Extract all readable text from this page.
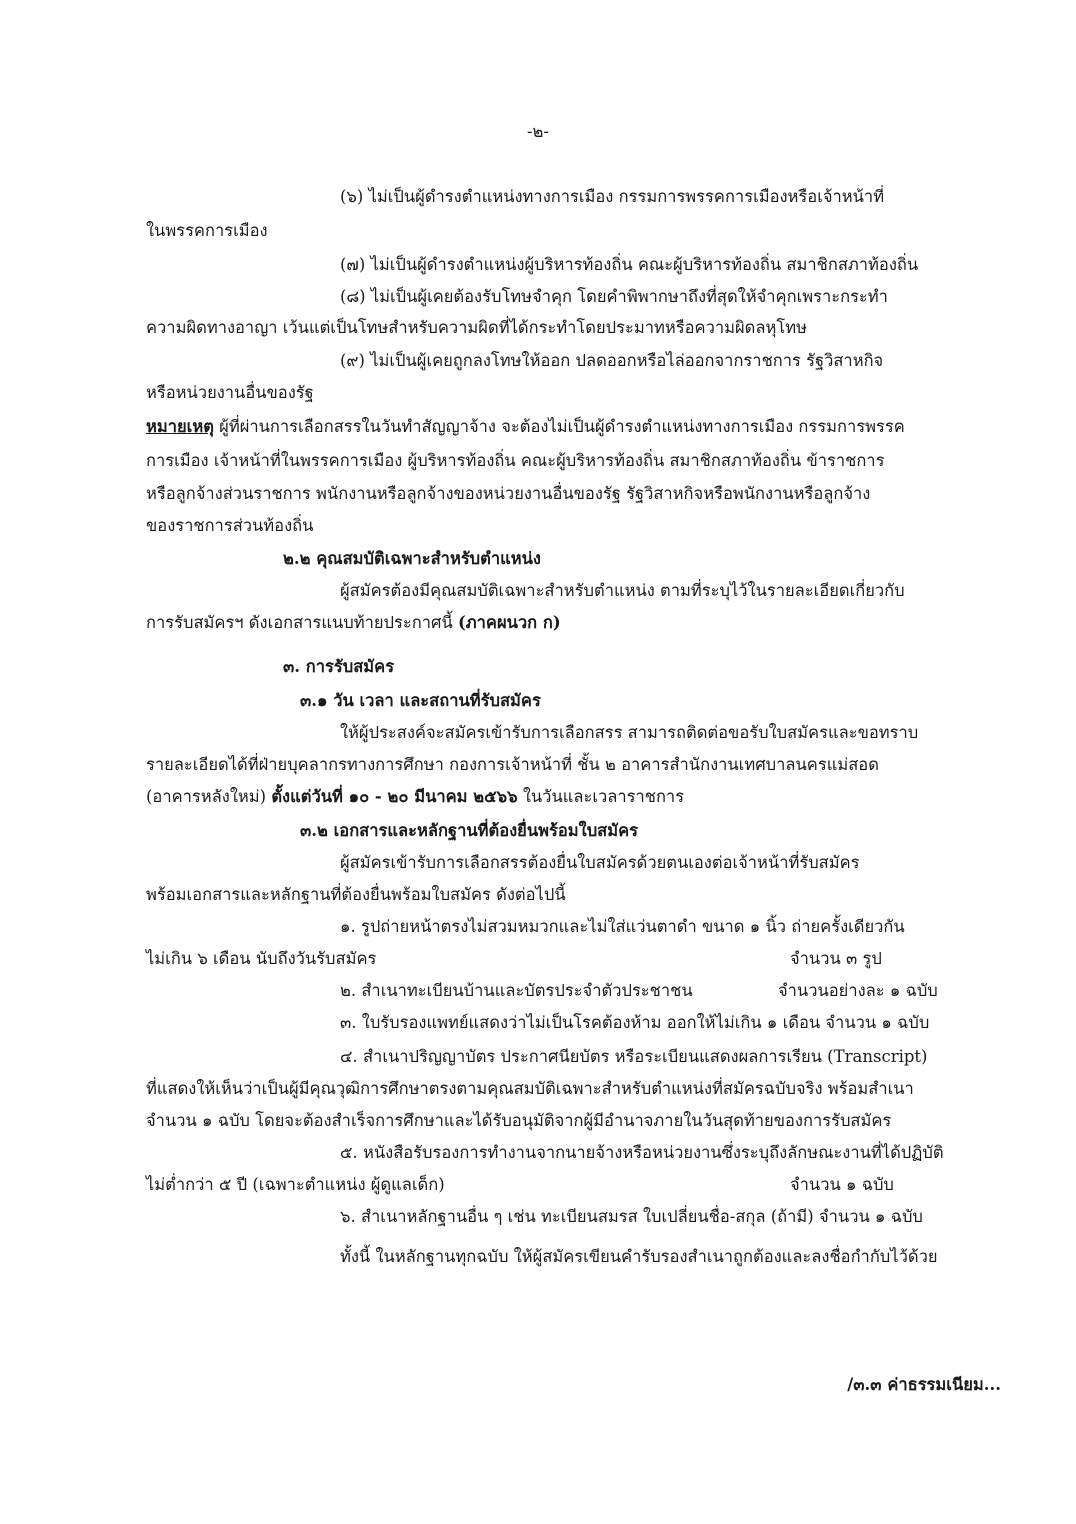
-๒-
(๖) ไม่เป็นผู้ดำรงตำแหน่งทางการเมือง กรรมการพรรคการเมืองหรือเจ้าหน้าที่
ในพรรคการเมือง
(๗) ไม่เป็นผู้ดำรงตำแหน่งผู้บริหารท้องถิ่น คณะผู้บริหารท้องถิ่น สมาชิกสภาท้องถิ่น
(๘) ไม่เป็นผู้เคยต้องรับโทษจำคุก โดยคำพิพากษาถึงที่สุดให้จำคุกเพราะกระทำ
ความผิดทางอาญา เว้นแต่เป็นโทษสำหรับความผิดที่ได้กระทำโดยประมาทหรือความผิดลหุโทษ
(๙) ไม่เป็นผู้เคยถูกลงโทษให้ออก ปลดออกหรือไล่ออกจากราชการ รัฐวิสาหกิจ
หรือหน่วยงานอื่นของรัฐ
หมายเหตุ ผู้ที่ผ่านการเลือกสรรในวันทำสัญญาจ้าง จะต้องไม่เป็นผู้ดำรงตำแหน่งทางการเมือง กรรมการพรรค
การเมือง เจ้าหน้าที่ในพรรคการเมือง ผู้บริหารท้องถิ่น คณะผู้บริหารท้องถิ่น สมาชิกสภาท้องถิ่น ข้าราชการ
หรือลูกจ้างส่วนราชการ พนักงานหรือลูกจ้างของหน่วยงานอื่นของรัฐ รัฐวิสาหกิจหรือพนักงานหรือลูกจ้าง
ของราชการส่วนท้องถิ่น
๒.๒ คุณสมบัติเฉพาะสำหรับตำแหน่ง
ผู้สมัครต้องมีคุณสมบัติเฉพาะสำหรับตำแหน่ง ตามที่ระบุไว้ในรายละเอียดเกี่ยวกับ
การรับสมัครฯ ดังเอกสารแนบท้ายประกาศนี้ (ภาคผนวก ก)
๓. การรับสมัคร
๓.๑ วัน เวลา และสถานที่รับสมัคร
ให้ผู้ประสงค์จะสมัครเข้ารับการเลือกสรร สามารถติดต่อขอรับใบสมัครและขอทราบ
รายละเอียดได้ที่ฝ่ายบุคลากรทางการศึกษา กองการเจ้าหน้าที่ ชั้น ๒ อาคารสำนักงานเทศบาลนครแม่สอด
(อาคารหลังใหม่) ตั้งแต่วันที่ ๑๐ - ๒๐ มีนาคม ๒๕๖๖ ในวันและเวลาราชการ
๓.๒ เอกสารและหลักฐานที่ต้องยื่นพร้อมใบสมัคร
ผู้สมัครเข้ารับการเลือกสรรต้องยื่นใบสมัครด้วยตนเองต่อเจ้าหน้าที่รับสมัคร
พร้อมเอกสารและหลักฐานที่ต้องยื่นพร้อมใบสมัคร ดังต่อไปนี้
๑. รูปถ่ายหน้าตรงไม่สวมหมวกและไม่ใส่แว่นตาดำ ขนาด ๑ นิ้ว ถ่ายครั้งเดียวกัน
ไม่เกิน ๖ เดือน นับถึงวันรับสมัคร	จำนวน ๓ รูป
๒. สำเนาทะเบียนบ้านและบัตรประจำตัวประชาชน	จำนวนอย่างละ ๑ ฉบับ
๓. ใบรับรองแพทย์แสดงว่าไม่เป็นโรคต้องห้าม ออกให้ไม่เกิน ๑ เดือน จำนวน ๑ ฉบับ
๔. สำเนาปริญญาบัตร ประกาศนียบัตร หรือระเบียนแสดงผลการเรียน (Transcript)
ที่แสดงให้เห็นว่าเป็นผู้มีคุณวุฒิการศึกษาตรงตามคุณสมบัติเฉพาะสำหรับตำแหน่งที่สมัครฉบับจริง พร้อมสำเนา
จำนวน ๑ ฉบับ โดยจะต้องสำเร็จการศึกษาและได้รับอนุมัติจากผู้มีอำนาจภายในวันสุดท้ายของการรับสมัคร
๕. หนังสือรับรองการทำงานจากนายจ้างหรือหน่วยงานซึ่งระบุถึงลักษณะงานที่ได้ปฏิบัติ
ไม่ต่ำกว่า ๕ ปี (เฉพาะตำแหน่ง ผู้ดูแลเด็ก)	จำนวน ๑ ฉบับ
๖. สำเนาหลักฐานอื่น ๆ เช่น ทะเบียนสมรส ใบเปลี่ยนชื่อ-สกุล (ถ้ามี) จำนวน ๑ ฉบับ
ทั้งนี้ ในหลักฐานทุกฉบับ ให้ผู้สมัครเขียนคำรับรองสำเนาถูกต้องและลงชื่อกำกับไว้ด้วย
/๓.๓ ค่าธรรมเนียม...
